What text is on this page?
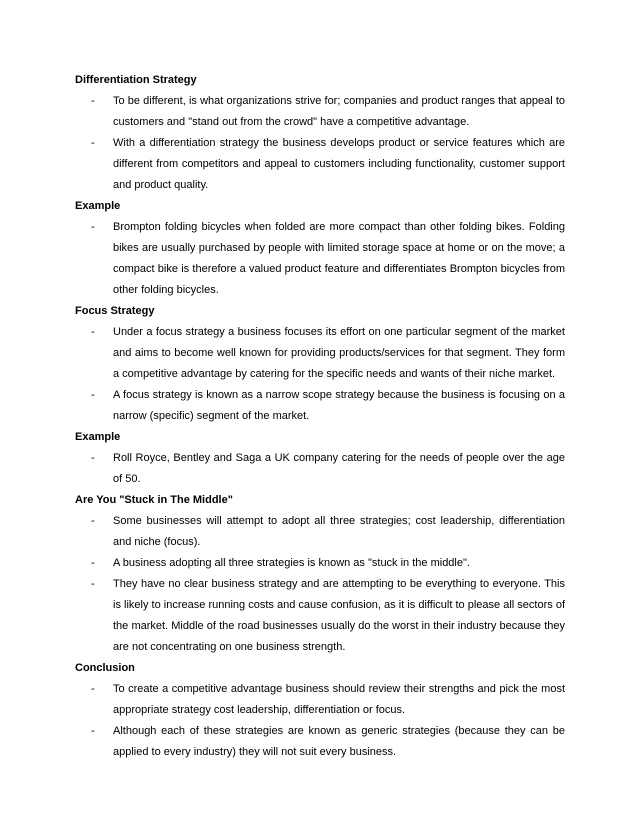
Differentiation Strategy
- To be different, is what organizations strive for; companies and product ranges that appeal to customers and "stand out from the crowd" have a competitive advantage.
- With a differentiation strategy the business develops product or service features which are different from competitors and appeal to customers including functionality, customer support and product quality.
Example
- Brompton folding bicycles when folded are more compact than other folding bikes. Folding bikes are usually purchased by people with limited storage space at home or on the move; a compact bike is therefore a valued product feature and differentiates Brompton bicycles from other folding bicycles.
Focus Strategy
- Under a focus strategy a business focuses its effort on one particular segment of the market and aims to become well known for providing products/services for that segment. They form a competitive advantage by catering for the specific needs and wants of their niche market.
- A focus strategy is known as a narrow scope strategy because the business is focusing on a narrow (specific) segment of the market.
Example
- Roll Royce, Bentley and Saga a UK company catering for the needs of people over the age of 50.
Are You "Stuck in The Middle"
- Some businesses will attempt to adopt all three strategies; cost leadership, differentiation and niche (focus).
- A business adopting all three strategies is known as "stuck in the middle".
- They have no clear business strategy and are attempting to be everything to everyone. This is likely to increase running costs and cause confusion, as it is difficult to please all sectors of the market. Middle of the road businesses usually do the worst in their industry because they are not concentrating on one business strength.
Conclusion
- To create a competitive advantage business should review their strengths and pick the most appropriate strategy cost leadership, differentiation or focus.
- Although each of these strategies are known as generic strategies (because they can be applied to every industry) they will not suit every business.
